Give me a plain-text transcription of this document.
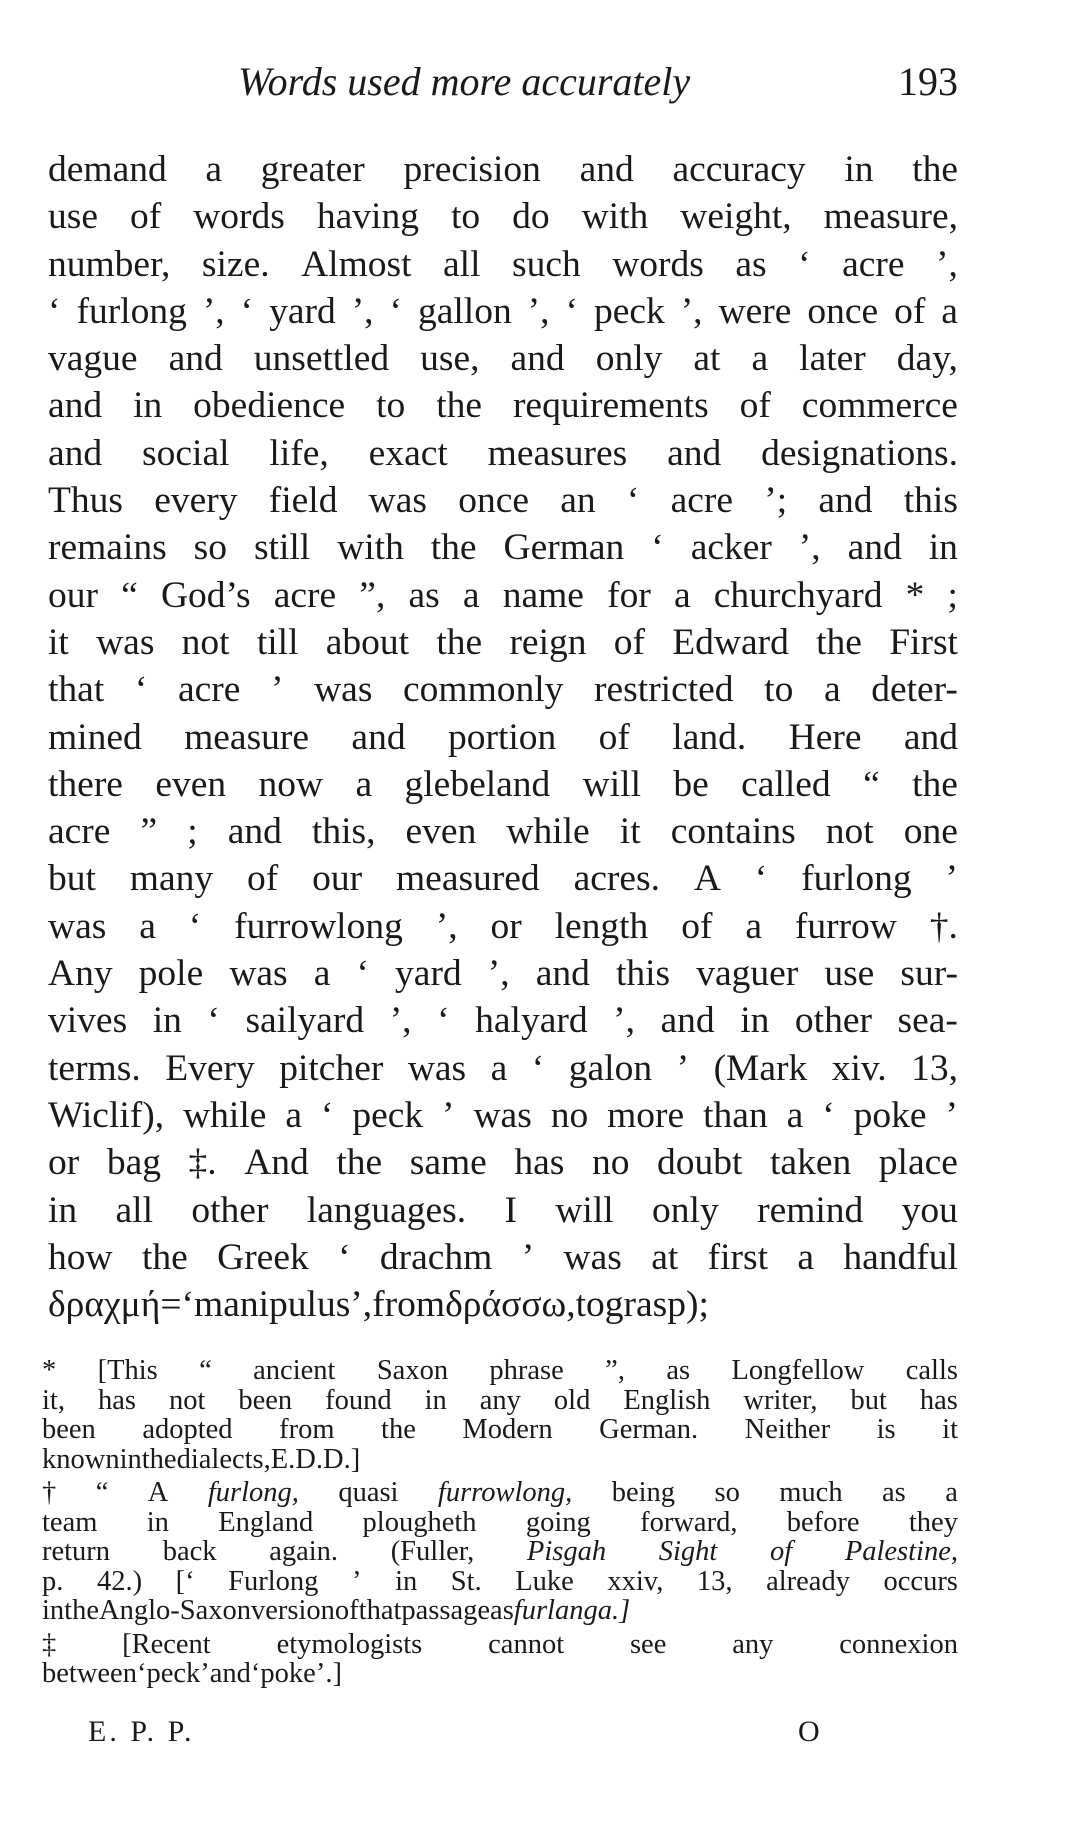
Words used more accurately	193
demand a greater precision and accuracy in the
use of words having to do with weight, measure,
number, size. Almost all such words as ‘ acre ’,
‘ furlong ’, ‘ yard ’, ‘ gallon ’, ‘ peck ’, were once of a
vague and unsettled use, and only at a later day,
and in obedience to the requirements of commerce
and social life, exact measures and designations.
Thus every field was once an ‘ acre ’; and this
remains so still with the German ‘ acker ’, and in
our “ God’s acre ”, as a name for a churchyard * ;
it was not till about the reign of Edward the First
that ‘ acre ’ was commonly restricted to a deter-
mined measure and portion of land. Here and
there even now a glebeland will be called “ the
acre ” ; and this, even while it contains not one
but many of our measured acres. A ‘ furlong ’
was a ‘ furrowlong ’, or length of a furrow †.
Any pole was a ‘ yard ’, and this vaguer use sur-
vives in ‘ sailyard ’, ‘ halyard ’, and in other sea-
terms. Every pitcher was a ‘ galon ’ (Mark xiv. 13,
Wiclif), while a ‘ peck ’ was no more than a ‘ poke ’
or bag ‡. And the same has no doubt taken place
in all other languages. I will only remind you
how the Greek ‘ drachm ’ was at first a handful
δραχμή = ‘ manipulus ’, from δράσσω, to grasp) ;
* [This “ ancient Saxon phrase ”, as Longfellow calls
it, has not been found in any old English writer, but has
been adopted from the Modern German. Neither is it
known in the dialects, E.D.D.]
† “ A furlong, quasi furrowlong, being so much as a
team in England plougheth going forward, before they
return back again. (Fuller, Pisgah Sight of Palestine,
p. 42.) [‘ Furlong ’ in St. Luke xxiv, 13, already occurs
in the Anglo-Saxon version of that passage as furlanga.]
‡ [Recent etymologists cannot see any connexion
between ‘ peck ’ and ‘ poke ’.]
E. P. P.	O
